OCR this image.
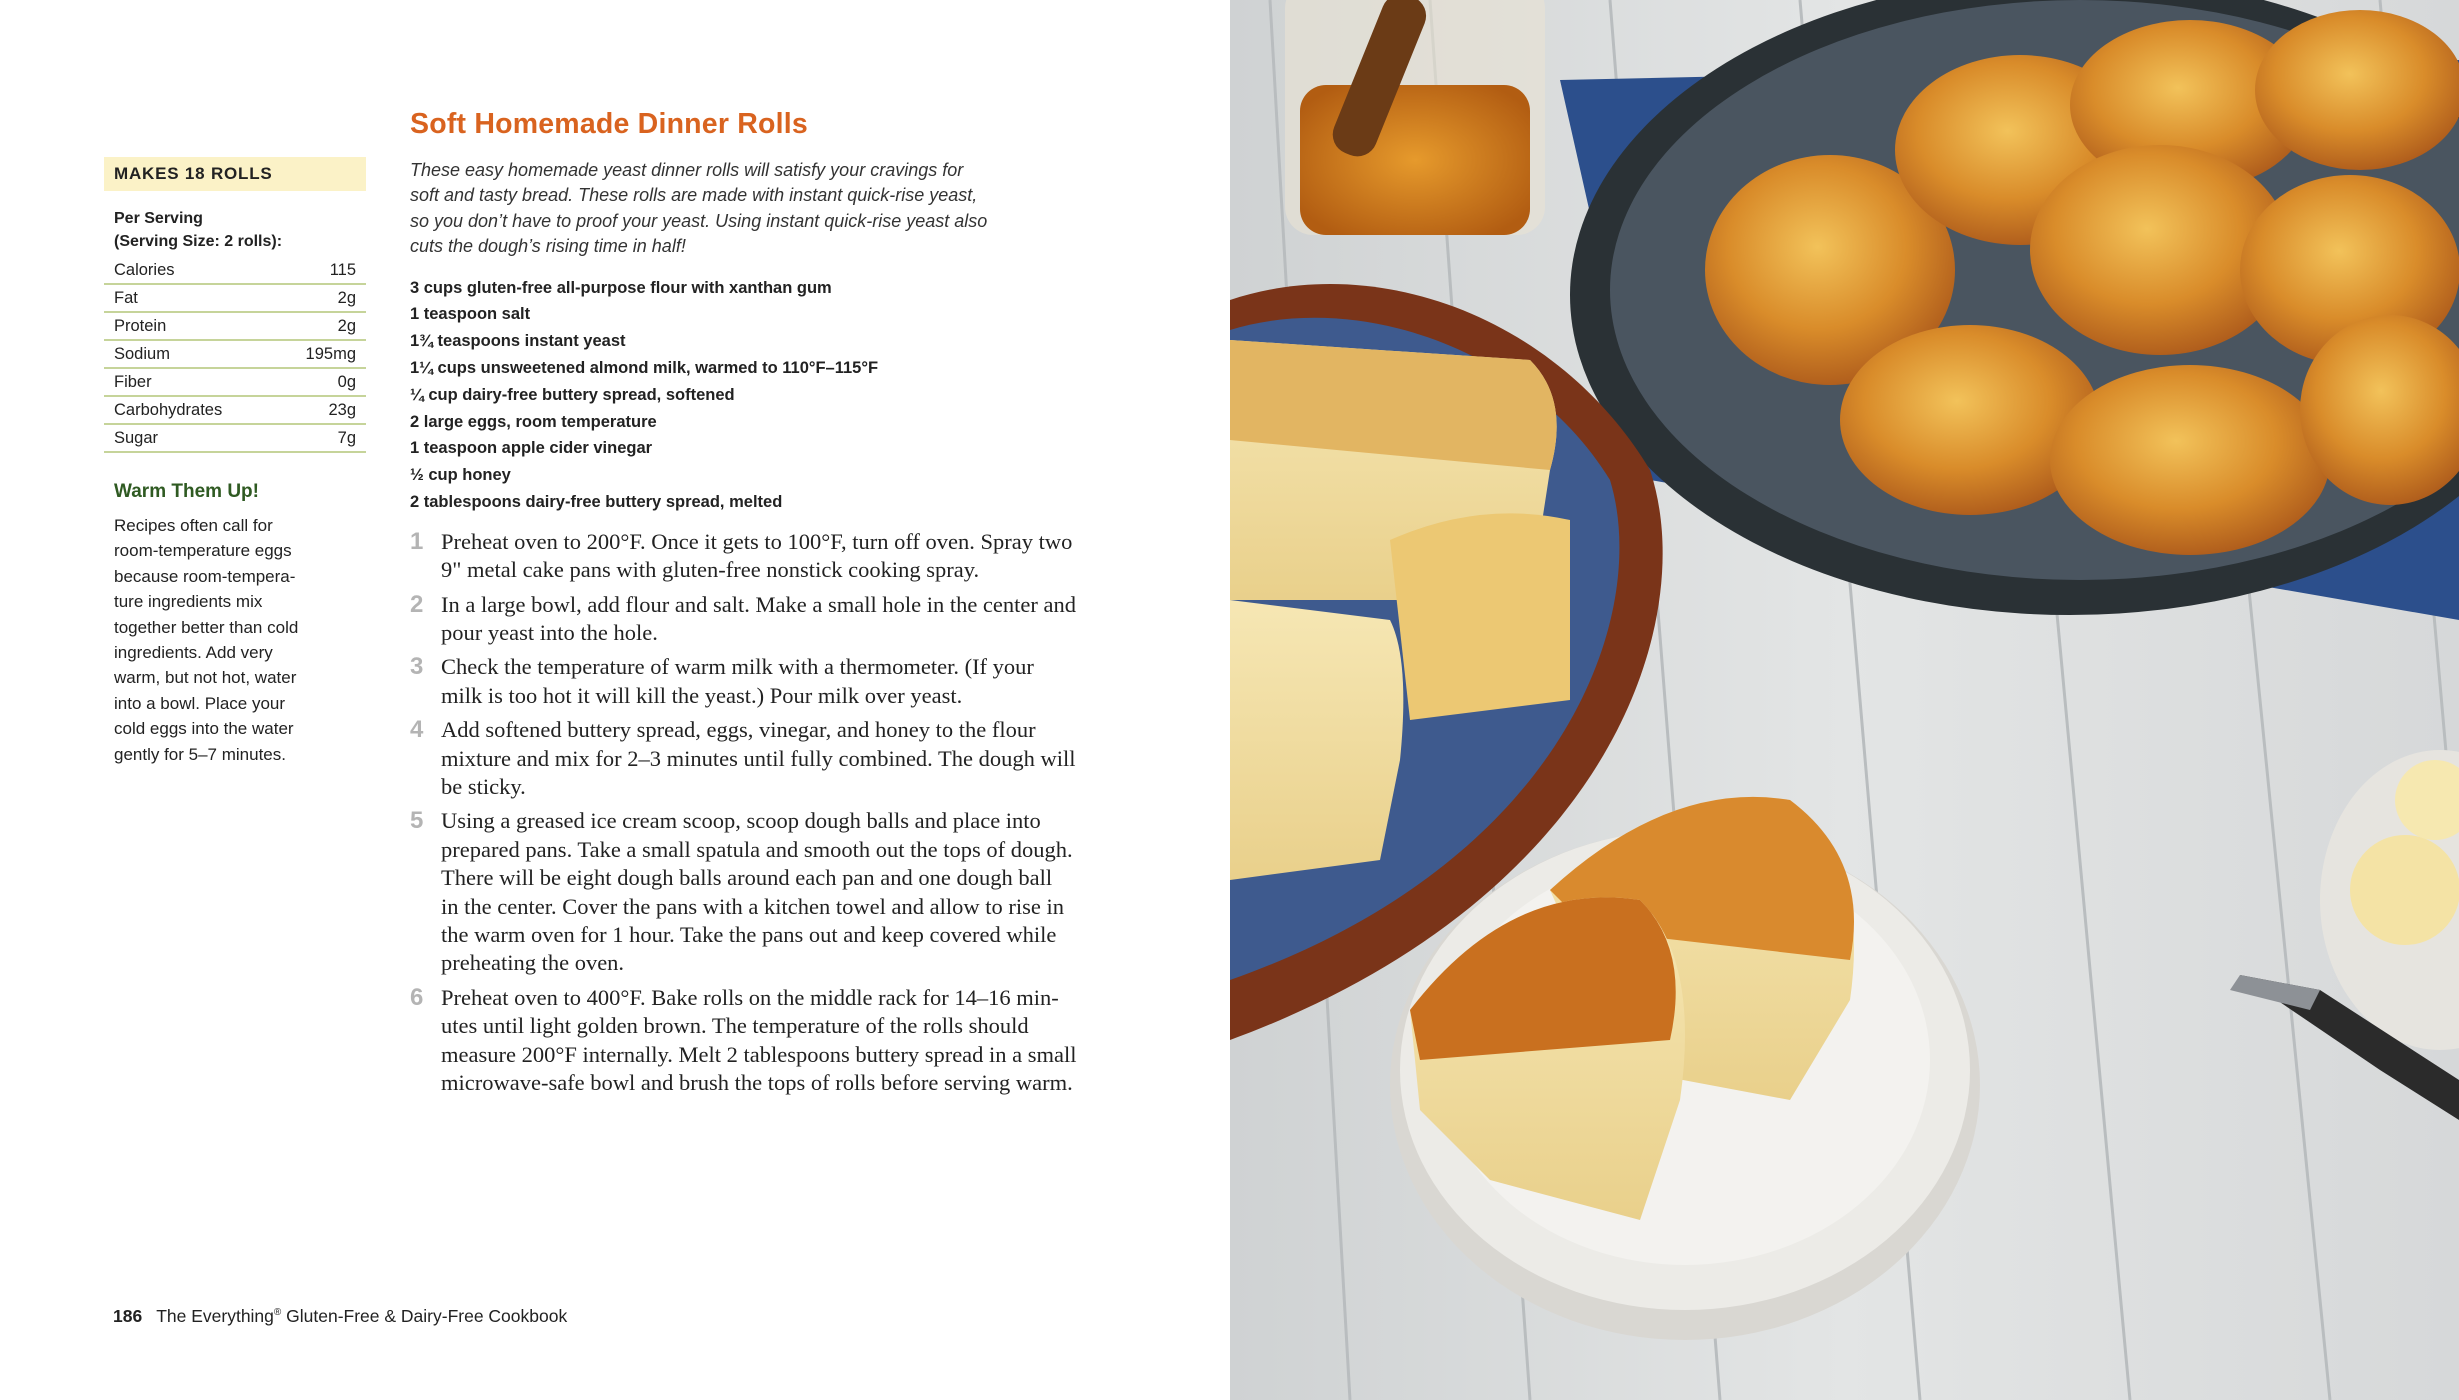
MAKES 18 ROLLS
Per Serving
(Serving Size: 2 rolls):
Calories	115
Fat	2g
Protein	2g
Sodium	195mg
Fiber	0g
Carbohydrates	23g
Sugar	7g
Warm Them Up!
Recipes often call for
room-temperature eggs
because room-tempera-
ture ingredients mix
together better than cold
ingredients. Add very
warm, but not hot, water
into a bowl. Place your
cold eggs into the water
gently for 5–7 minutes.
Soft Homemade Dinner Rolls
These easy homemade yeast dinner rolls will satisfy your cravings for
soft and tasty bread. These rolls are made with instant quick-rise yeast,
so you don’t have to proof your yeast. Using instant quick-rise yeast also
cuts the dough’s rising time in half!
3 cups gluten-free all-purpose flour with xanthan gum
1 teaspoon salt
1¾ teaspoons instant yeast
1¼ cups unsweetened almond milk, warmed to 110°F–115°F
¼ cup dairy-free buttery spread, softened
2 large eggs, room temperature
1 teaspoon apple cider vinegar
½ cup honey
2 tablespoons dairy-free buttery spread, melted
1 Preheat oven to 200°F. Once it gets to 100°F, turn off oven. Spray two
9" metal cake pans with gluten-free nonstick cooking spray.
2 In a large bowl, add flour and salt. Make a small hole in the center and
pour yeast into the hole.
3 Check the temperature of warm milk with a thermometer. (If your
milk is too hot it will kill the yeast.) Pour milk over yeast.
4 Add softened buttery spread, eggs, vinegar, and honey to the flour
mixture and mix for 2–3 minutes until fully combined. The dough will
be sticky.
5 Using a greased ice cream scoop, scoop dough balls and place into
prepared pans. Take a small spatula and smooth out the tops of dough.
There will be eight dough balls around each pan and one dough ball
in the center. Cover the pans with a kitchen towel and allow to rise in
the warm oven for 1 hour. Take the pans out and keep covered while
preheating the oven.
6 Preheat oven to 400°F. Bake rolls on the middle rack for 14–16 min-
utes until light golden brown. The temperature of the rolls should
measure 200°F internally. Melt 2 tablespoons buttery spread in a small
microwave-safe bowl and brush the tops of rolls before serving warm.
186 The Everything® Gluten-Free & Dairy-Free Cookbook
